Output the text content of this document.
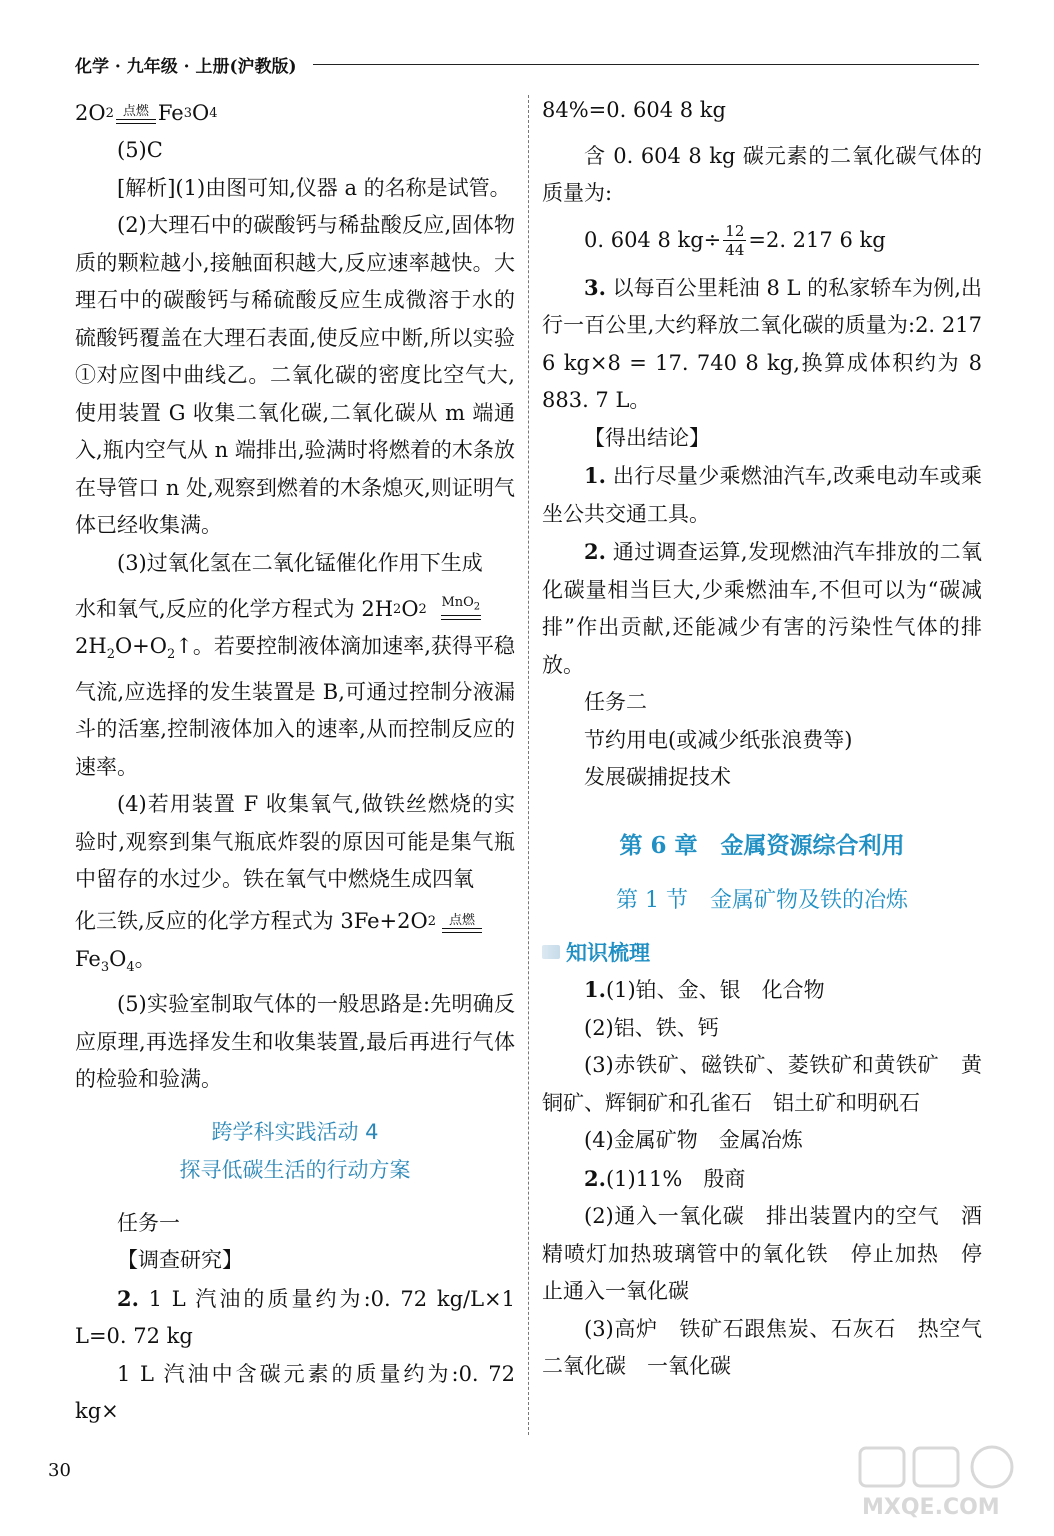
化学 · 九年级 · 上册(沪教版)
2O 2 点燃 Fe 3 O 4

(5)C

[解析](1)由图可知,仪器 a 的名称是试管。

(2)大理石中的碳酸钙与稀盐酸反应,固体物质的颗粒越小,接触面积越大,反应速率越快。大理石中的碳酸钙与稀硫酸反应生成微溶于水的硫酸钙覆盖在大理石表面,使反应中断,所以实验①对应图中曲线乙。二氧化碳的密度比空气大,使用装置 G 收集二氧化碳,二氧化碳从 m 端通入,瓶内空气从 n 端排出,验满时将燃着的木条放在导管口 n 处,观察到燃着的木条熄灭,则证明气体已经收集满。

(3)过氧化氢在二氧化锰催化作用下生成

水和氧气,反应的化学方程式为 2H 2 O 2 MnO$_2$

$2H_2O+O_2↑$。若要控制液体滴加速率,获得平稳气流,应选择的发生装置是 B,可通过控制分液漏斗的活塞,控制液体加入的速率,从而控制反应的速率。

(4)若用装置 F 收集氧气,做铁丝燃烧的实验时,观察到集气瓶底炸裂的原因可能是集气瓶中留存的水过少。铁在氧气中燃烧生成四氧

化三铁,反应的化学方程式为 3Fe+2O 2 点燃

$Fe_3O_4$。

(5)实验室制取气体的一般思路是:先明确反应原理,再选择发生和收集装置,最后再进行气体的检验和验满。

跨学科实践活动 4
探寻低碳生活的行动方案

任务一

【调查研究】

2. 1 L 汽油的质量约为:0. 72 kg/L×1 L=0. 72 kg

1 L 汽油中含碳元素的质量约为:0. 72 kg×

84%=0. 604 8 kg

含 0. 604 8 kg 碳元素的二氧化碳气体的质量为:

0. 604 8 $kg\div \frac{12}{44} =2$. 217 6 kg

3. 以每百公里耗油 8 L 的私家轿车为例,出行一百公里,大约释放二氧化碳的质量为:2. 217 6 kg×8 = 17. 740 8 kg,换算成体积约为 8 883. 7 L。

【得出结论】

1. 出行尽量少乘燃油汽车,改乘电动车或乘坐公共交通工具。

2. 通过调查运算,发现燃油汽车排放的二氧化碳量相当巨大,少乘燃油车,不但可以为“碳减排”作出贡献,还能减少有害的污染性气体的排放。

任务二

节约用电(或减少纸张浪费等)

发展碳捕捉技术

第 6 章　金属资源综合利用
第 1 节　金属矿物及铁的冶炼
知识梳理

1.(1)铂、金、银　化合物

(2)铝、铁、钙

(3)赤铁矿、磁铁矿、菱铁矿和黄铁矿　黄铜矿、辉铜矿和孔雀石　铝土矿和明矾石

(4)金属矿物　金属冶炼

2.(1)11%　殷商

(2)通入一氧化碳　排出装置内的空气　酒精喷灯加热玻璃管中的氧化铁　停止加热　停止通入一氧化碳

(3)高炉　铁矿石跟焦炭、石灰石　热空气　二氧化碳　一氧化碳

30
MXQE.COM
